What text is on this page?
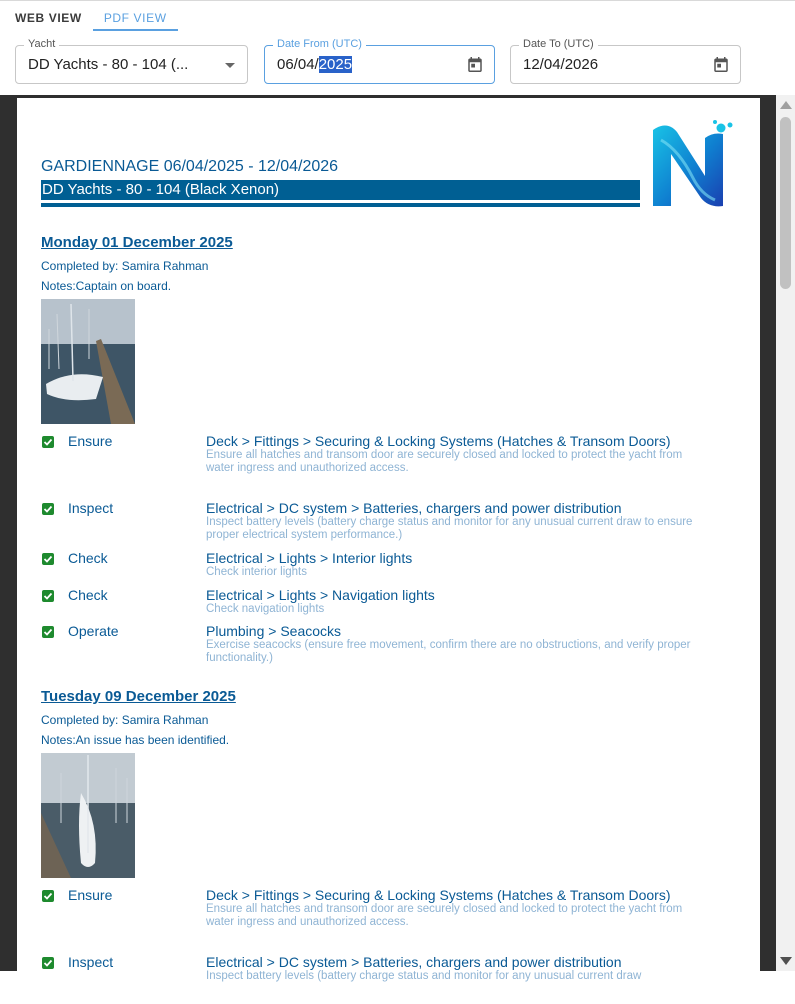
WEB VIEW	PDF VIEW
Yacht
DD Yachts - 80 - 104 (...
Date From (UTC)
06/04/2025
Date To (UTC)
12/04/2026
GARDIENNAGE 06/04/2025 - 12/04/2026
DD Yachts - 80 - 104 (Black Xenon)
Monday 01 December 2025
Completed by: Samira Rahman
Notes:Captain on board.
Ensure	Deck > Fittings > Securing & Locking Systems (Hatches & Transom Doors)
Ensure all hatches and transom door are securely closed and locked to protect the yacht from water ingress and unauthorized access.
Inspect	Electrical > DC system > Batteries, chargers and power distribution
Inspect battery levels (battery charge status and monitor for any unusual current draw to ensure proper electrical system performance.)
Check	Electrical > Lights > Interior lights
Check interior lights
Check	Electrical > Lights > Navigation lights
Check navigation lights
Operate	Plumbing > Seacocks
Exercise seacocks (ensure free movement, confirm there are no obstructions, and verify proper functionality.)
Tuesday 09 December 2025
Completed by: Samira Rahman
Notes:An issue has been identified.
Ensure	Deck > Fittings > Securing & Locking Systems (Hatches & Transom Doors)
Ensure all hatches and transom door are securely closed and locked to protect the yacht from water ingress and unauthorized access.
Inspect	Electrical > DC system > Batteries, chargers and power distribution
Inspect battery levels (battery charge status and monitor for any unusual current draw
